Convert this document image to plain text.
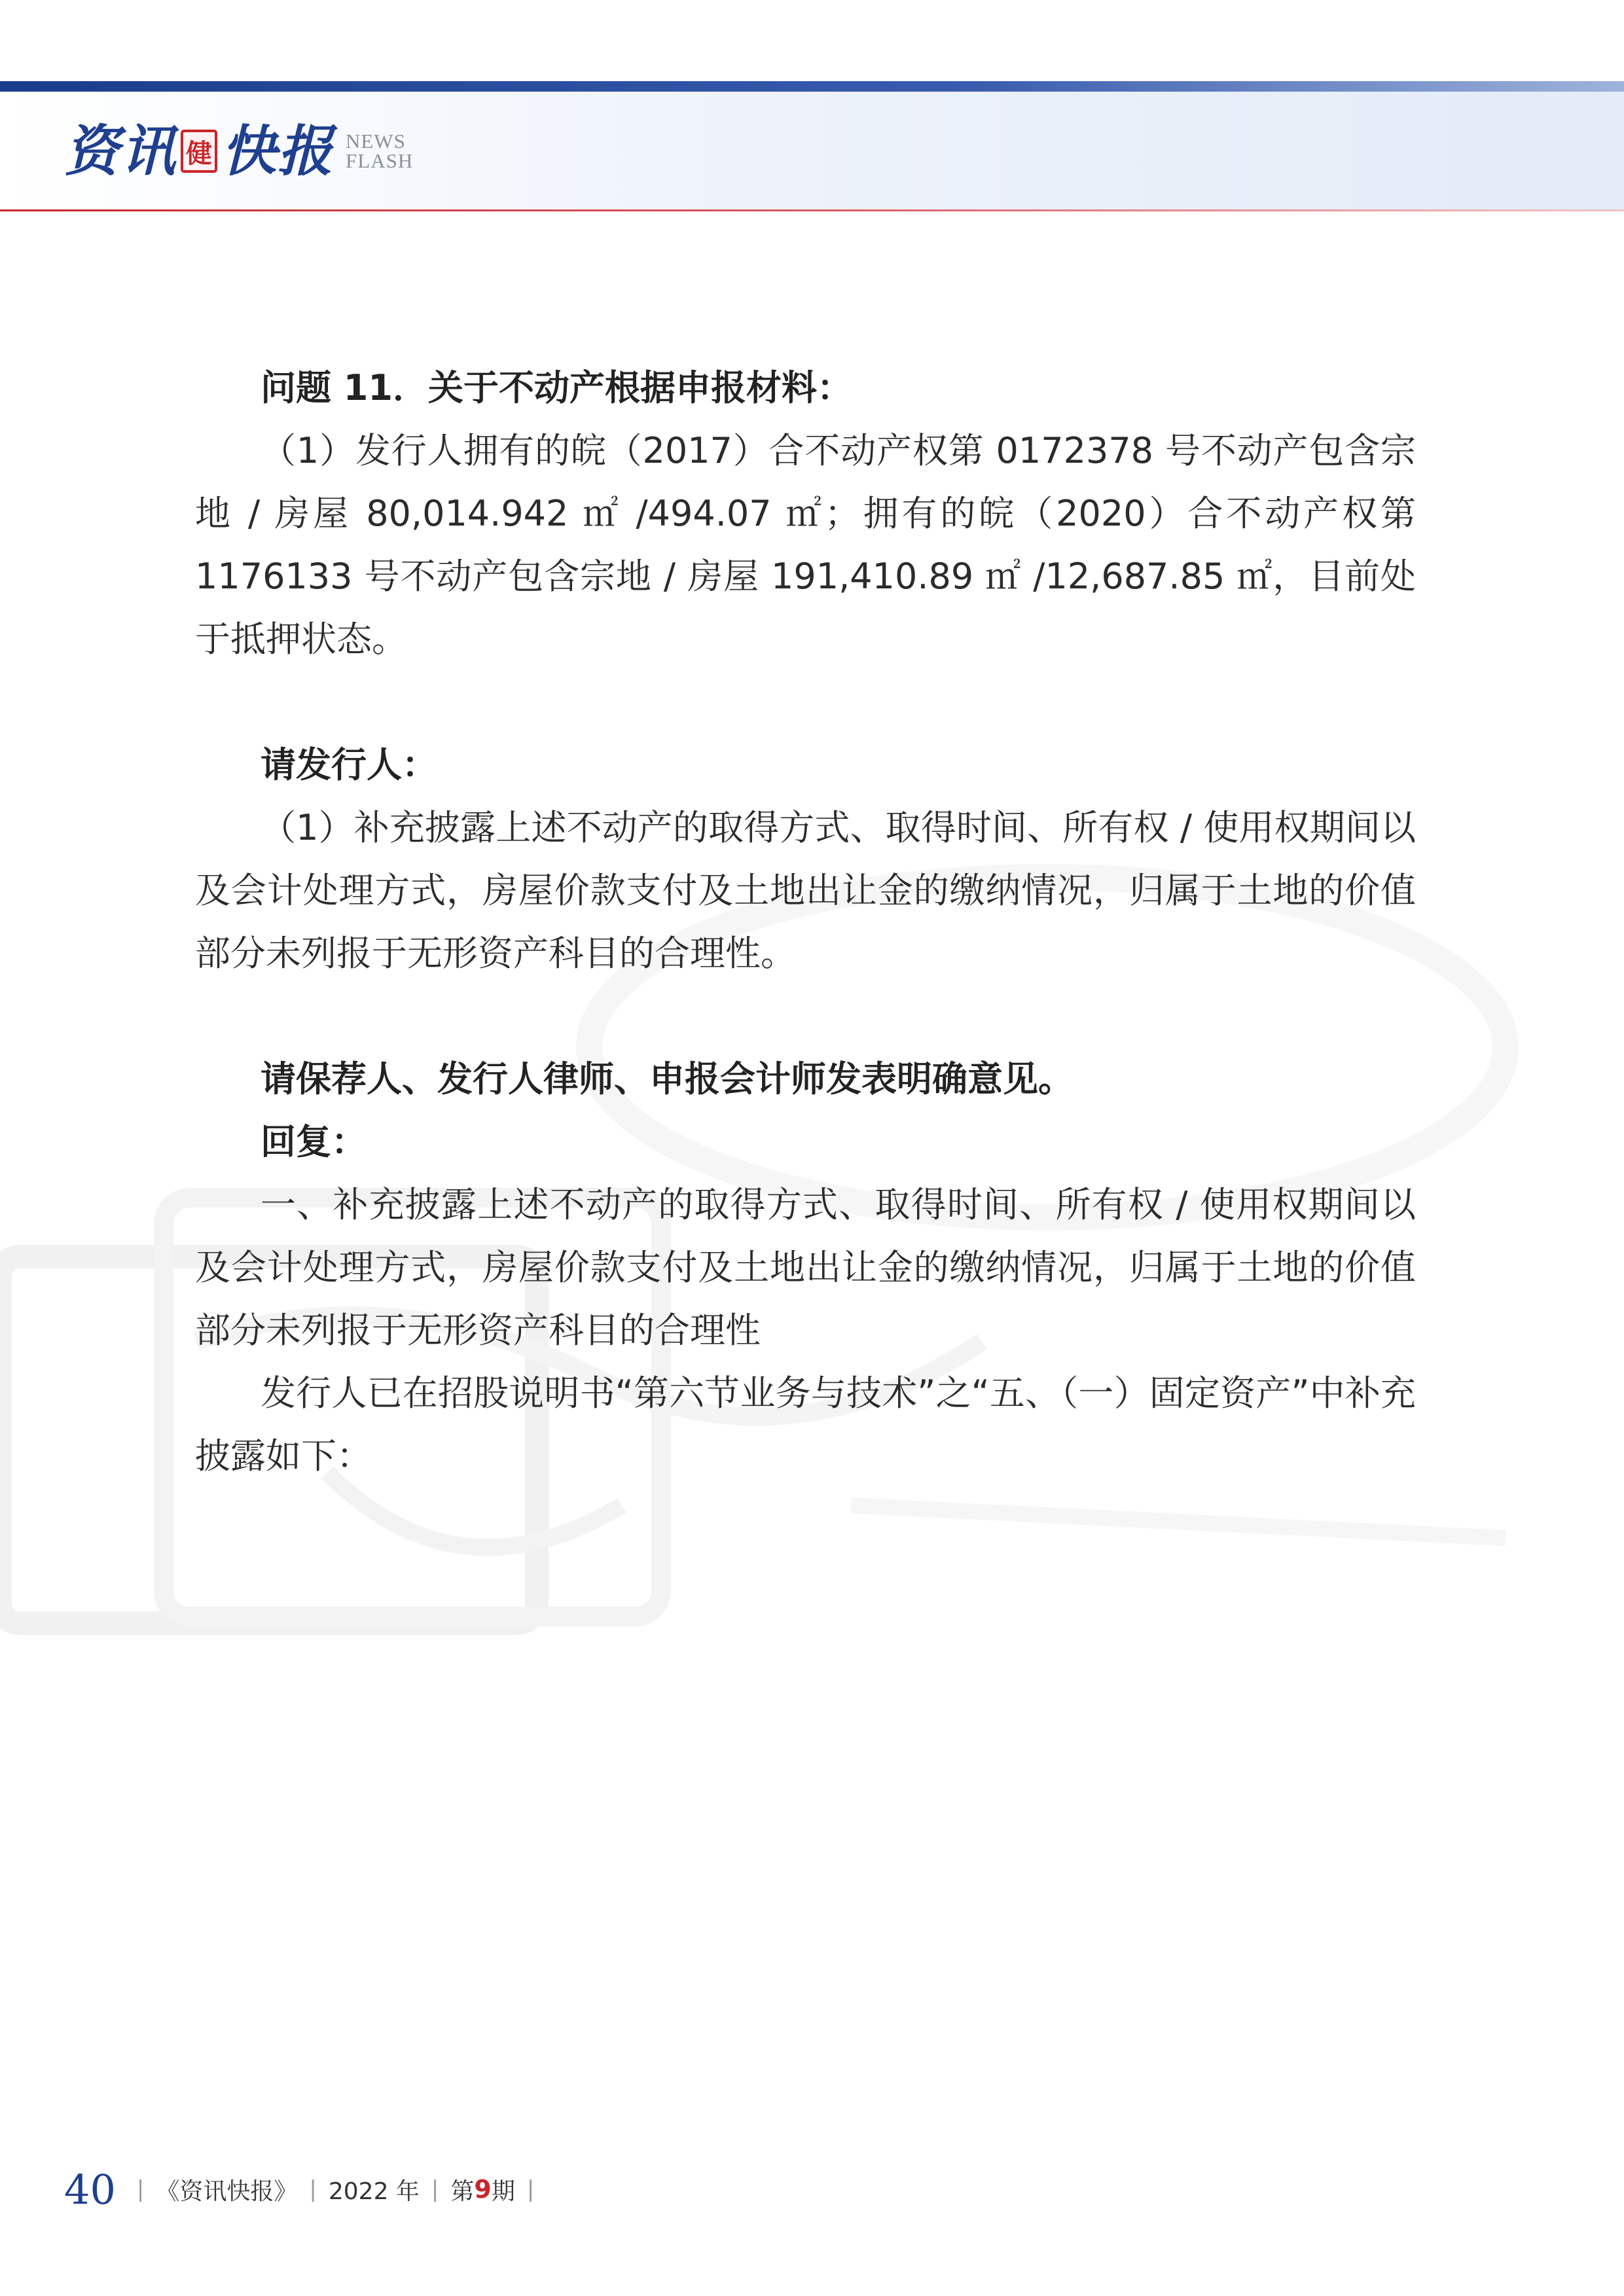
资讯 健 快报 NEWS
FLASH

问题 11．关于不动产根据申报材料：

（1）发行人拥有的皖（2017）合不动产权第 0172378 号不动产包含宗地 / 房屋 80,014.942 ㎡ /494.07 ㎡；拥有的皖（2020）合不动产权第 1176133 号不动产包含宗地 / 房屋 191,410.89 ㎡ /12,687.85 ㎡，目前处于抵押状态。

请发行人：

（1）补充披露上述不动产的取得方式、取得时间、所有权 / 使用权期间以及会计处理方式，房屋价款支付及土地出让金的缴纳情况，归属于土地的价值部分未列报于无形资产科目的合理性。

请保荐人、发行人律师、申报会计师发表明确意见。

回复：

一、补充披露上述不动产的取得方式、取得时间、所有权 / 使用权期间以及会计处理方式，房屋价款支付及土地出让金的缴纳情况，归属于土地的价值部分未列报于无形资产科目的合理性

发行人已在招股说明书“第六节业务与技术”之“五、（一）固定资产”中补充披露如下：

40 | 《资讯快报》 | 2022 年 | 第 9 期 |
